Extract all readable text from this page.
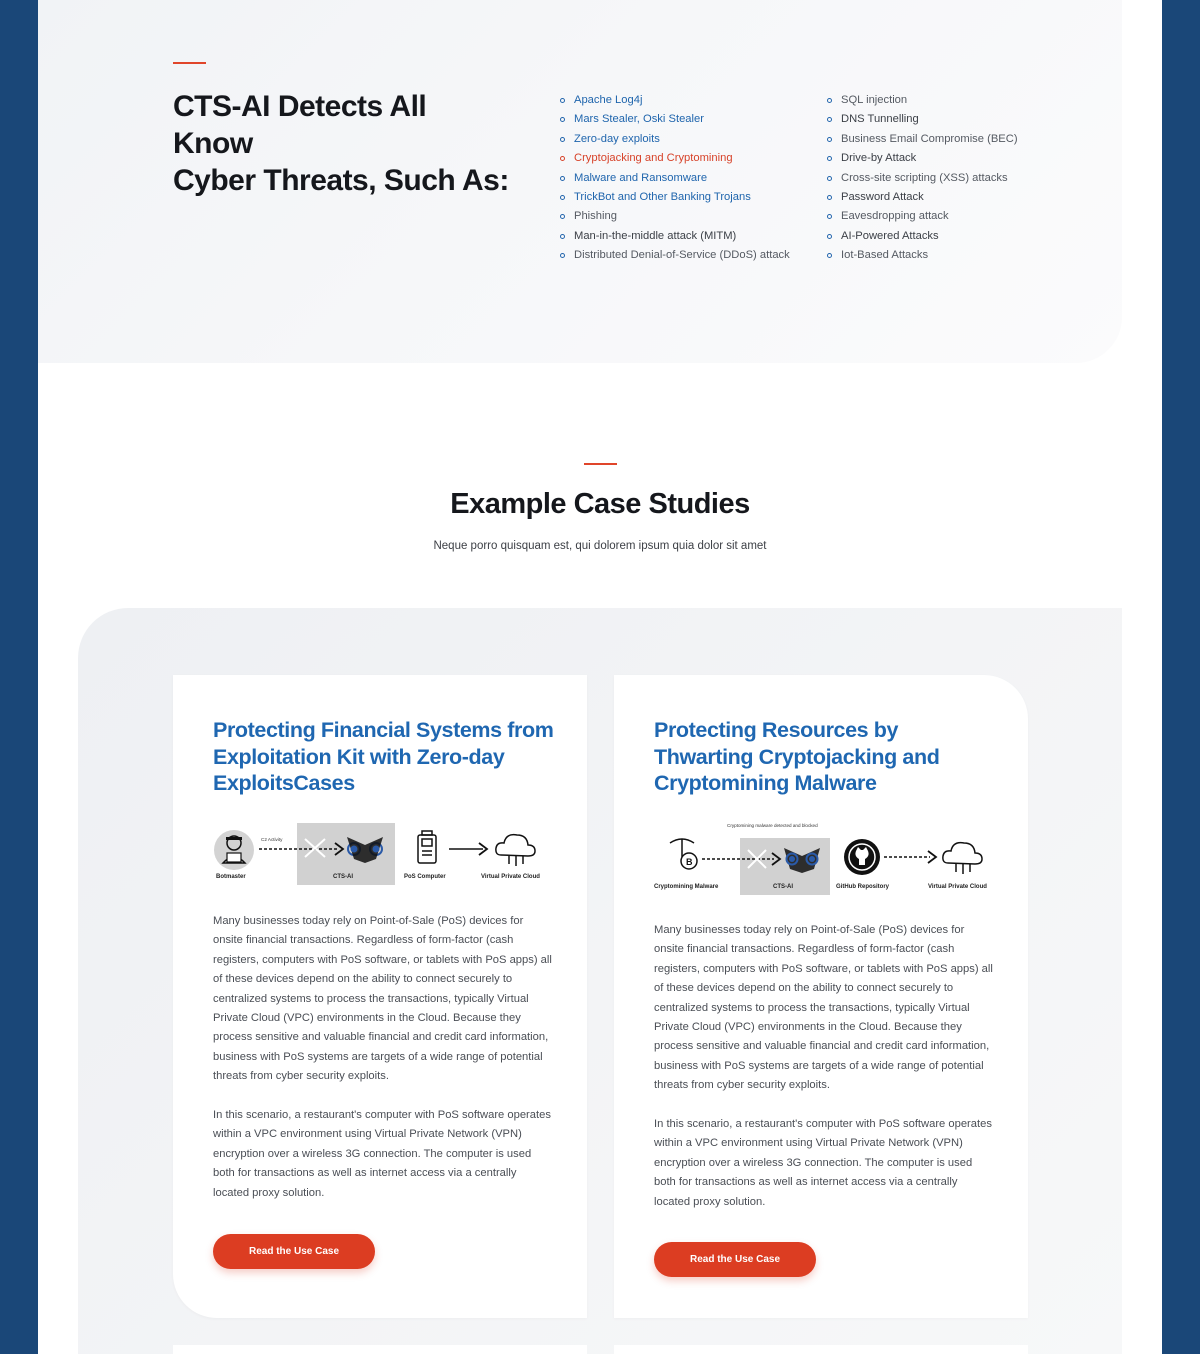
CTS-AI Detects All Know
Cyber Threats, Such As:
Apache Log4j
Mars Stealer, Oski Stealer
Zero-day exploits
Cryptojacking and Cryptomining
Malware and Ransomware
TrickBot and Other Banking Trojans
Phishing
Man-in-the-middle attack (MITM)
Distributed Denial-of-Service (DDoS) attack
SQL injection
DNS Tunnelling
Business Email Compromise (BEC)
Drive-by Attack
Cross-site scripting (XSS) attacks
Password Attack
Eavesdropping attack
AI-Powered Attacks
Iot-Based Attacks
Example Case Studies
Neque porro quisquam est, qui dolorem ipsum quia dolor sit amet
Protecting Financial Systems from Exploitation Kit with Zero-day ExploitsCases
C2 Activity
Botmaster	CTS-AI	PoS Computer	Virtual Private Cloud
Many businesses today rely on Point-of-Sale (PoS) devices for onsite financial transactions. Regardless of form-factor (cash registers, computers with PoS software, or tablets with PoS apps) all of these devices depend on the ability to connect securely to centralized systems to process the transactions, typically Virtual Private Cloud (VPC) environments in the Cloud. Because they process sensitive and valuable financial and credit card information, business with PoS systems are targets of a wide range of potential threats from cyber security exploits.
In this scenario, a restaurant's computer with PoS software operates within a VPC environment using Virtual Private Network (VPN) encryption over a wireless 3G connection. The computer is used both for transactions as well as internet access via a centrally located proxy solution.
Read the Use Case
Protecting Resources by Thwarting Cryptojacking and Cryptomining Malware
B
Cryptomining malware detected and blocked
Cryptomining Malware	CTS-AI	GitHub Repository	Virtual Private Cloud
Many businesses today rely on Point-of-Sale (PoS) devices for onsite financial transactions. Regardless of form-factor (cash registers, computers with PoS software, or tablets with PoS apps) all of these devices depend on the ability to connect securely to centralized systems to process the transactions, typically Virtual Private Cloud (VPC) environments in the Cloud. Because they process sensitive and valuable financial and credit card information, business with PoS systems are targets of a wide range of potential threats from cyber security exploits.
In this scenario, a restaurant's computer with PoS software operates within a VPC environment using Virtual Private Network (VPN) encryption over a wireless 3G connection. The computer is used both for transactions as well as internet access via a centrally located proxy solution.
Read the Use Case
